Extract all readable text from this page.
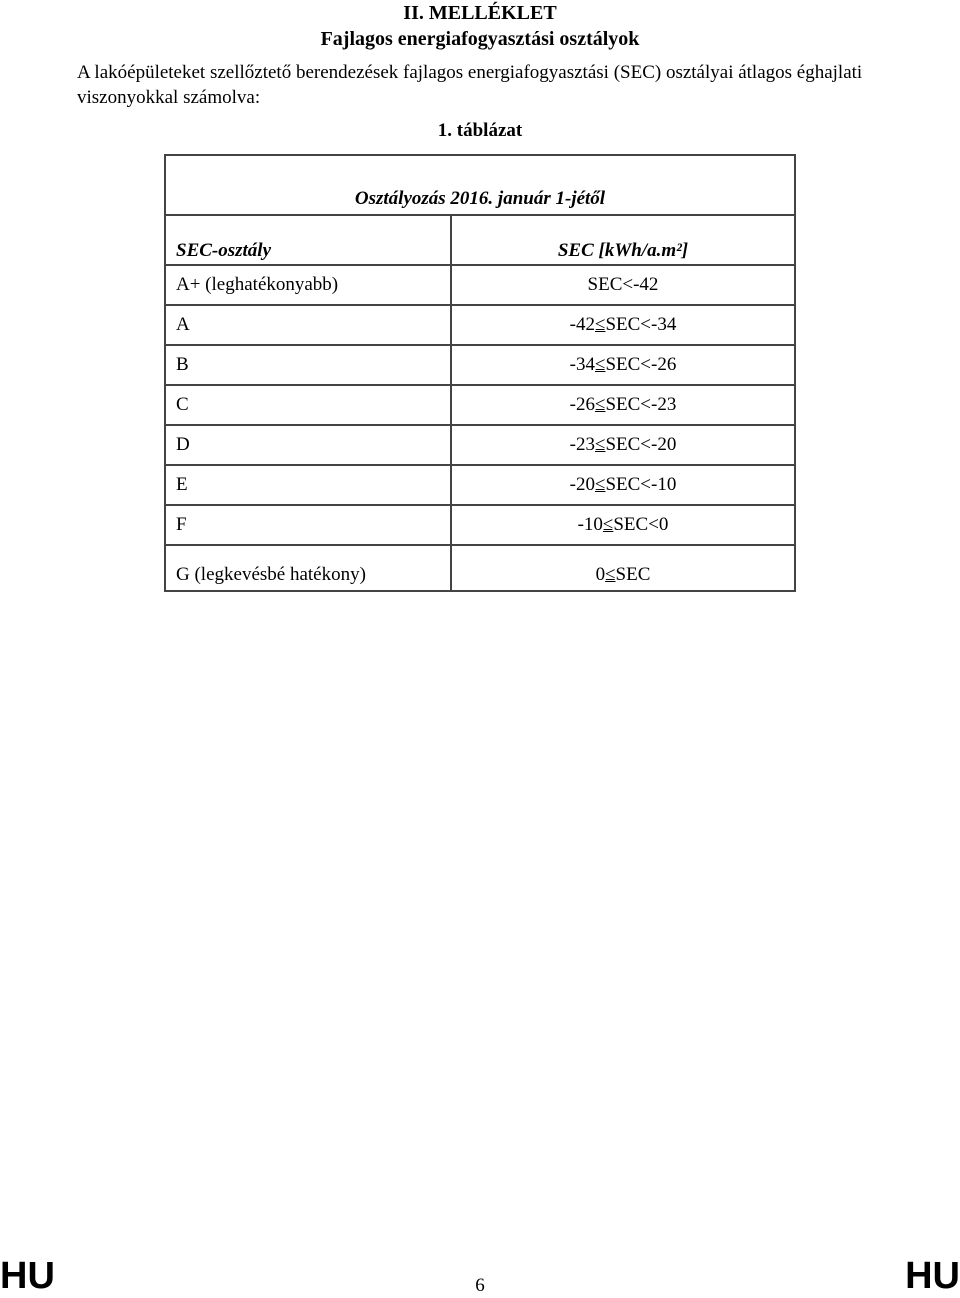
II. MELLÉKLET
Fajlagos energiafogyasztási osztályok
A lakóépületeket szellőztető berendezések fajlagos energiafogyasztási (SEC) osztályai átlagos éghajlati viszonyokkal számolva:
1. táblázat
Osztályozás 2016. január 1-jétől	
SEC-osztály	SEC [kWh/a.m²]
A+ (leghatékonyabb)	SEC<-42
A	-42≤SEC<-34
B	-34≤SEC<-26
C	-26≤SEC<-23
D	-23≤SEC<-20
E	-20≤SEC<-10
F	-10≤SEC<0
G (legkevésbé hatékony)	0≤SEC
HU	6	HU
